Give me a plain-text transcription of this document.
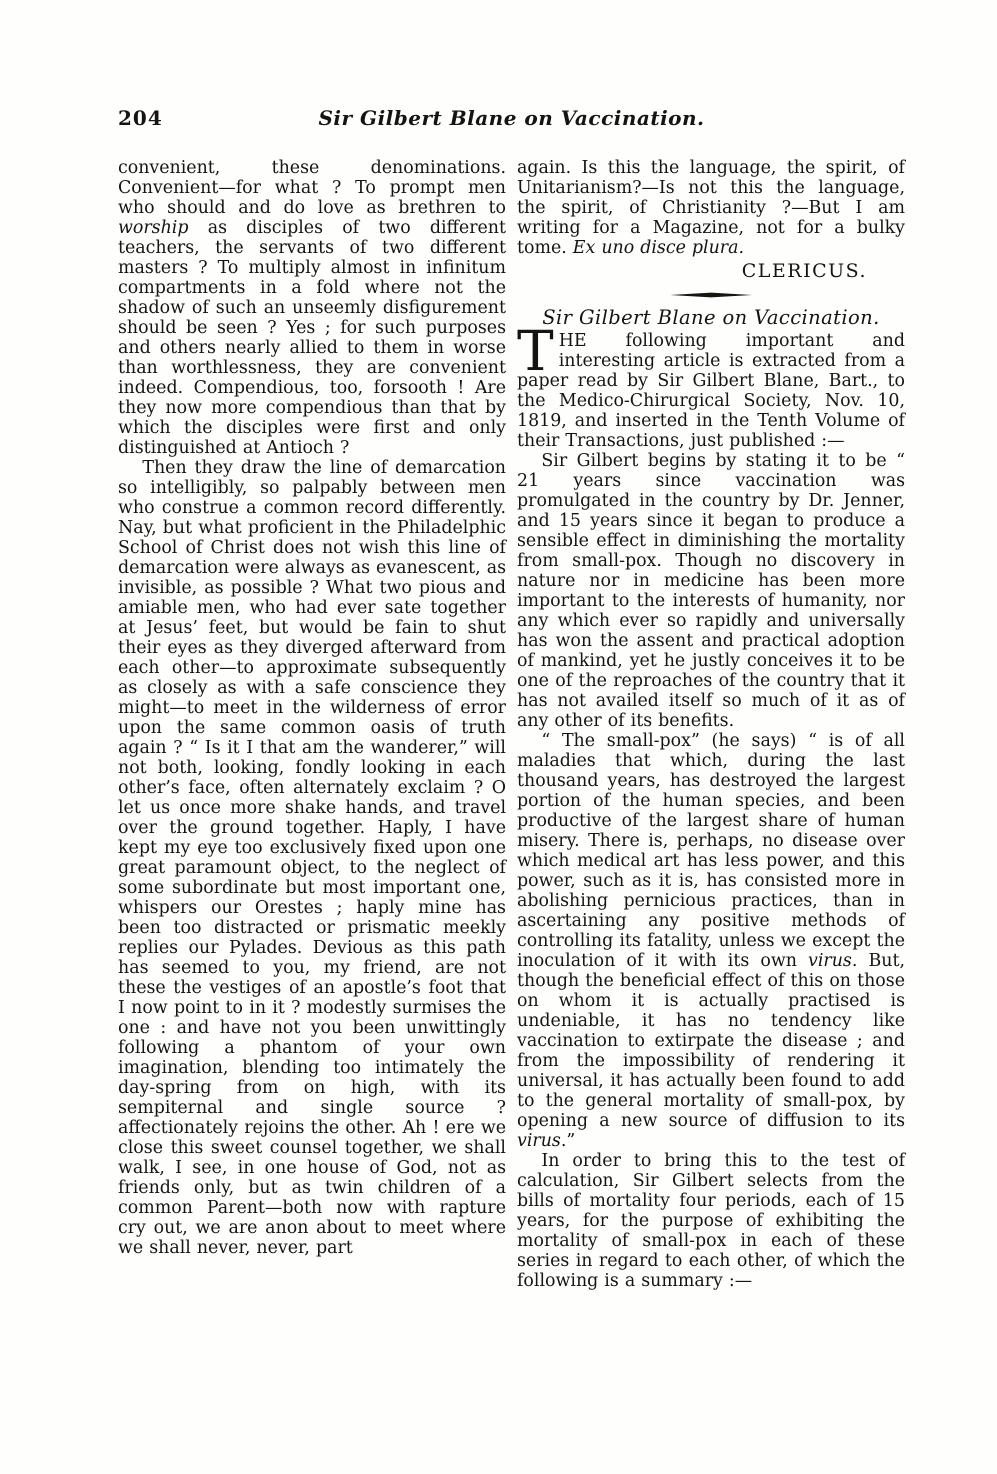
204	Sir Gilbert Blane on Vaccination.

convenient, these denominations. Convenient—for what ? To prompt men who should and do love as brethren to worship as disciples of two different teachers, the servants of two different masters ? To multiply almost in infinitum compartments in a fold where not the shadow of such an unseemly disfigurement should be seen ? Yes ; for such purposes and others nearly allied to them in worse than worthlessness, they are convenient indeed. Compendious, too, forsooth ! Are they now more compendious than that by which the disciples were first and only distinguished at Antioch ?

Then they draw the line of demarcation so intelligibly, so palpably between men who construe a common record differently. Nay, but what proficient in the Philadelphic School of Christ does not wish this line of demarcation were always as evanescent, as invisible, as possible ? What two pious and amiable men, who had ever sate together at Jesus’ feet, but would be fain to shut their eyes as they diverged afterward from each other—to approximate subsequently as closely as with a safe conscience they might—to meet in the wilderness of error upon the same common oasis of truth again ? “ Is it I that am the wanderer,” will not both, looking, fondly looking in each other’s face, often alternately exclaim ? O let us once more shake hands, and travel over the ground together. Haply, I have kept my eye too exclusively fixed upon one great paramount object, to the neglect of some subordinate but most important one, whispers our Orestes ; haply mine has been too distracted or prismatic meekly replies our Pylades. Devious as this path has seemed to you, my friend, are not these the vestiges of an apostle’s foot that I now point to in it ? modestly surmises the one : and have not you been unwittingly following a phantom of your own imagination, blending too intimately the day-spring from on high, with its sempiternal and single source ? affectionately rejoins the other. Ah ! ere we close this sweet counsel together, we shall walk, I see, in one house of God, not as friends only, but as twin children of a common Parent—both now with rapture cry out, we are anon about to meet where we shall never, never, part

again. Is this the language, the spirit, of Unitarianism?—Is not this the language, the spirit, of Christianity ?—But I am writing for a Magazine, not for a bulky tome. Ex uno disce plura.

CLERICUS.

Sir Gilbert Blane on Vaccination.

THE following important and interesting article is extracted from a paper read by Sir Gilbert Blane, Bart., to the Medico-Chirurgical Society, Nov. 10, 1819, and inserted in the Tenth Volume of their Transactions, just published :—

Sir Gilbert begins by stating it to be “ 21 years since vaccination was promulgated in the country by Dr. Jenner, and 15 years since it began to produce a sensible effect in diminishing the mortality from small-pox. Though no discovery in nature nor in medicine has been more important to the interests of humanity, nor any which ever so rapidly and universally has won the assent and practical adoption of mankind, yet he justly conceives it to be one of the reproaches of the country that it has not availed itself so much of it as of any other of its benefits.

“ The small-pox” (he says) “ is of all maladies that which, during the last thousand years, has destroyed the largest portion of the human species, and been productive of the largest share of human misery. There is, perhaps, no disease over which medical art has less power, and this power, such as it is, has consisted more in abolishing pernicious practices, than in ascertaining any positive methods of controlling its fatality, unless we except the inoculation of it with its own virus. But, though the beneficial effect of this on those on whom it is actually practised is undeniable, it has no tendency like vaccination to extirpate the disease ; and from the impossibility of rendering it universal, it has actually been found to add to the general mortality of small-pox, by opening a new source of diffusion to its virus.”

In order to bring this to the test of calculation, Sir Gilbert selects from the bills of mortality four periods, each of 15 years, for the purpose of exhibiting the mortality of small-pox in each of these series in regard to each other, of which the following is a summary :—
